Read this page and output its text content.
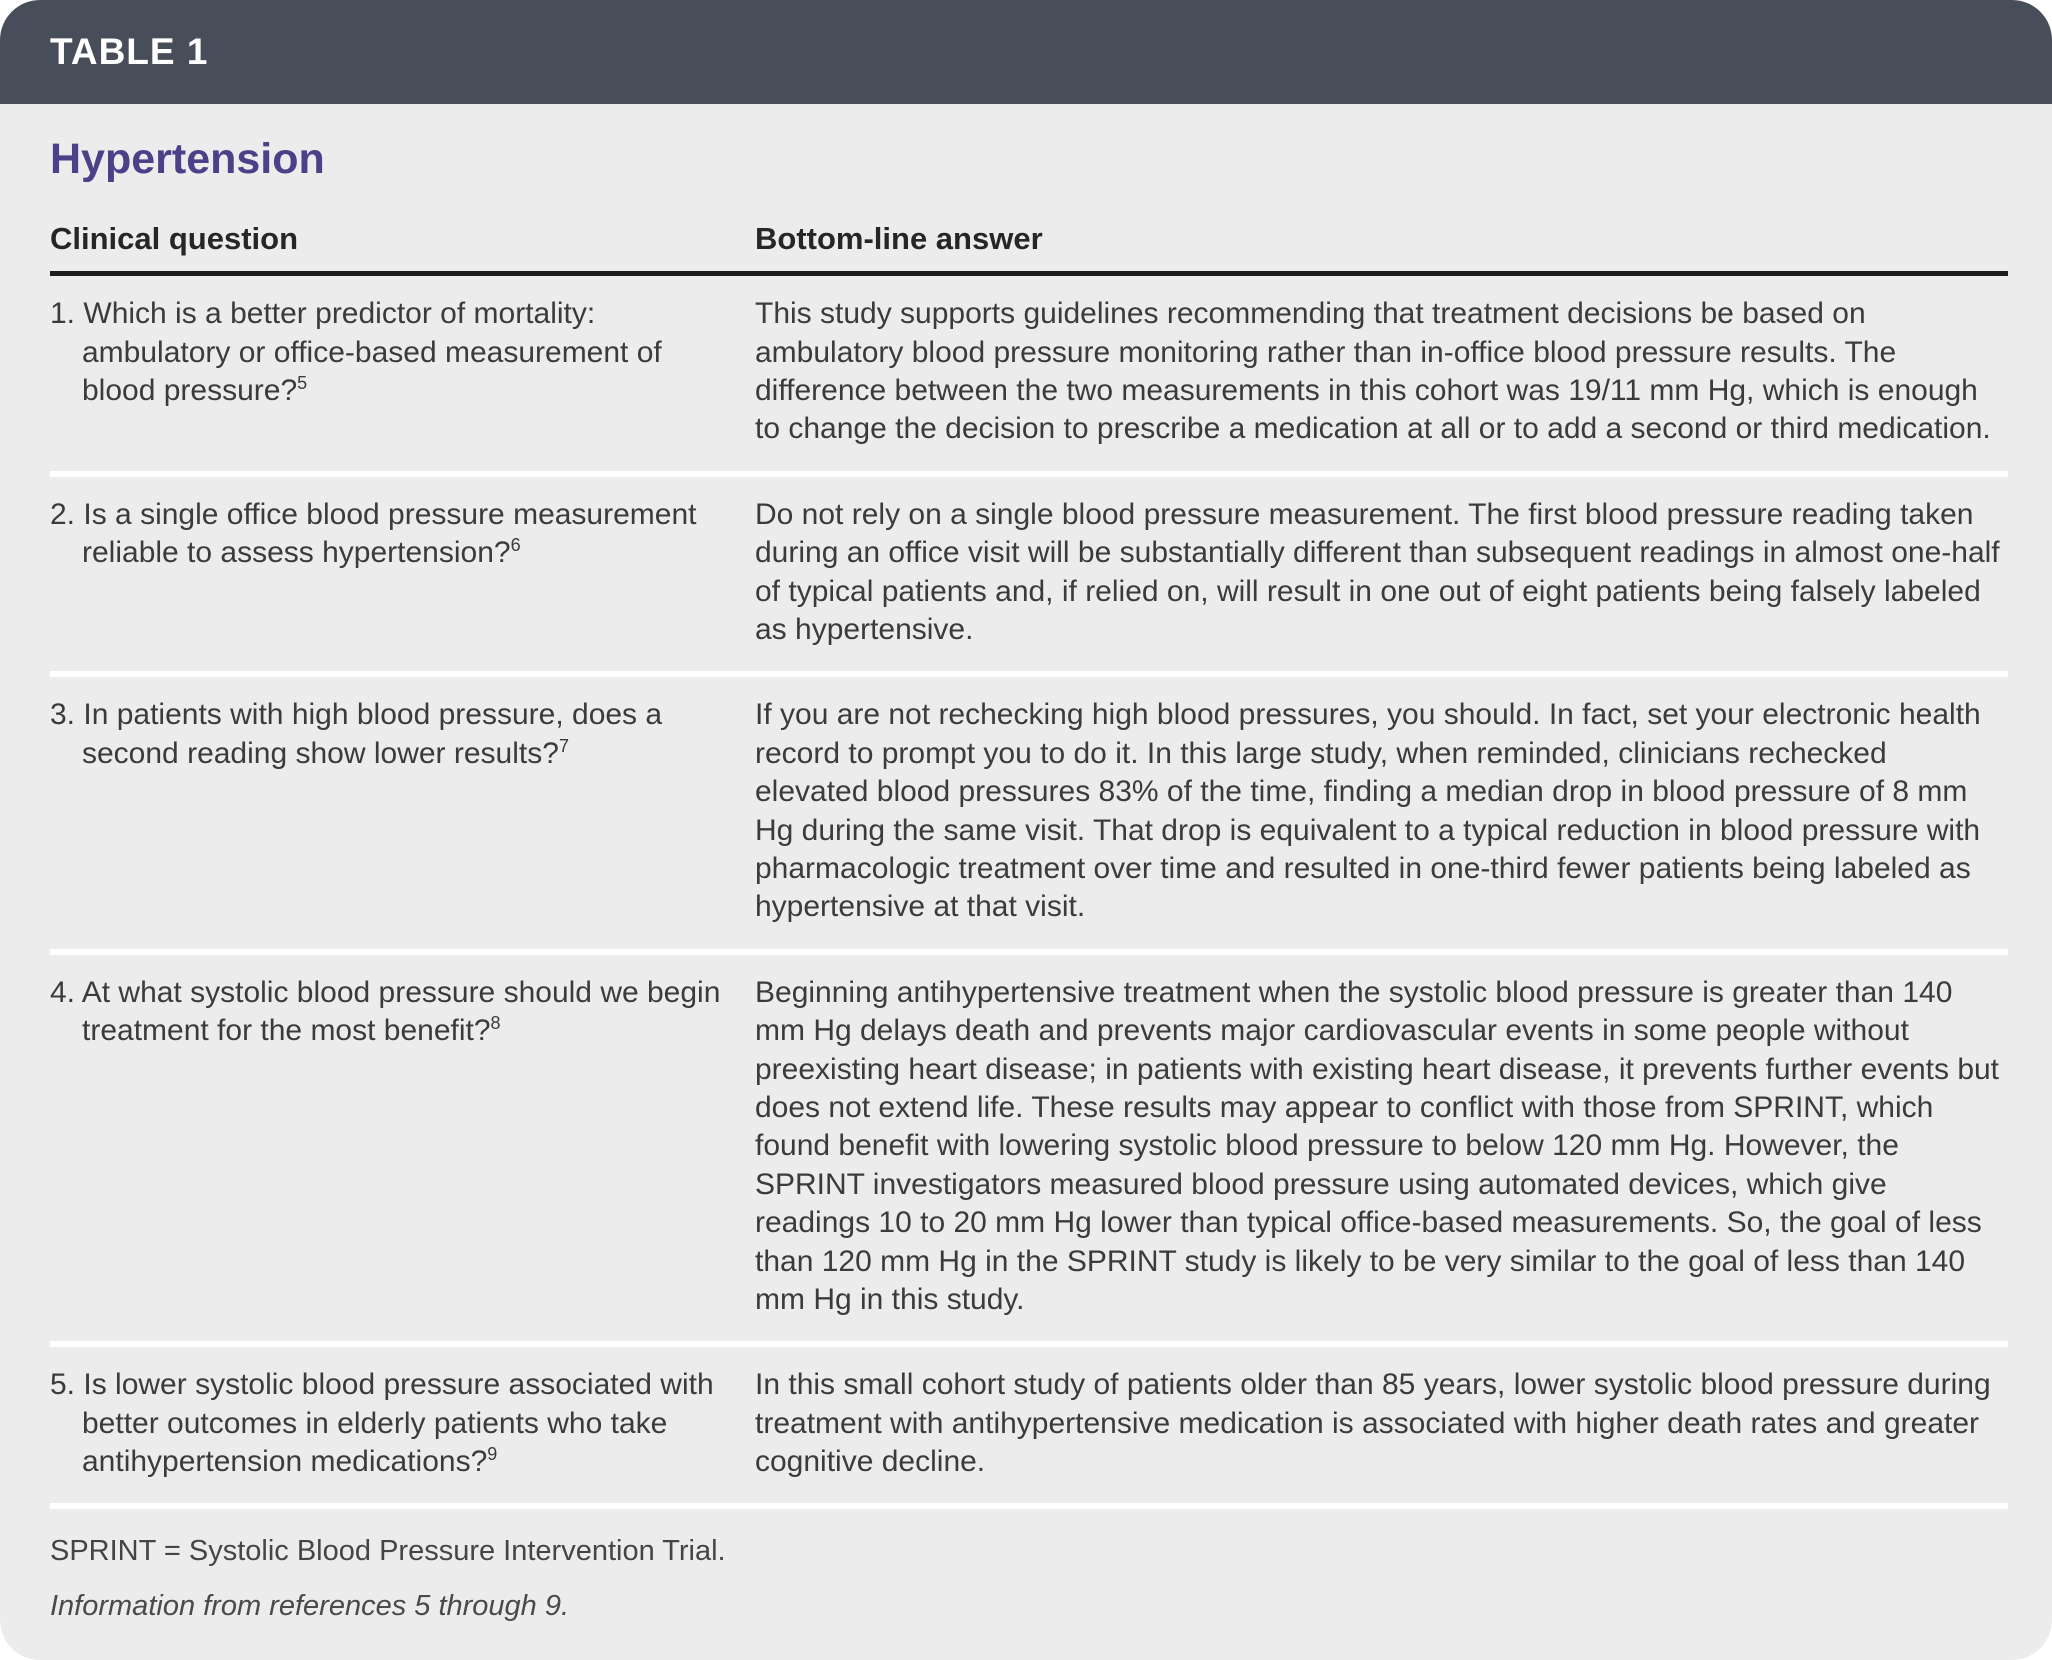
TABLE 1
Hypertension
Clinical question	Bottom-line answer
1. Which is a better predictor of mortality: ambulatory or office-based measurement of blood pressure?$^5$
This study supports guidelines recommending that treatment decisions be based on ambulatory blood pressure monitoring rather than in-office blood pressure results. The difference between the two measurements in this cohort was 19/11 mm Hg, which is enough to change the decision to prescribe a medication at all or to add a second or third medication.
2. Is a single office blood pressure measurement reliable to assess hypertension?$^6$
Do not rely on a single blood pressure measurement. The first blood pressure reading taken during an office visit will be substantially different than subsequent readings in almost one-half of typical patients and, if relied on, will result in one out of eight patients being falsely labeled as hypertensive.
3. In patients with high blood pressure, does a second reading show lower results?$^7$
If you are not rechecking high blood pressures, you should. In fact, set your electronic health record to prompt you to do it. In this large study, when reminded, clinicians rechecked elevated blood pressures 83% of the time, finding a median drop in blood pressure of 8 mm Hg during the same visit. That drop is equivalent to a typical reduction in blood pressure with pharmacologic treatment over time and resulted in one-third fewer patients being labeled as hypertensive at that visit.
4. At what systolic blood pressure should we begin treatment for the most benefit?$^8$
Beginning antihypertensive treatment when the systolic blood pressure is greater than 140 mm Hg delays death and prevents major cardiovascular events in some people without preexisting heart disease; in patients with existing heart disease, it prevents further events but does not extend life. These results may appear to conflict with those from SPRINT, which found benefit with lowering systolic blood pressure to below 120 mm Hg. However, the SPRINT investigators measured blood pressure using automated devices, which give readings 10 to 20 mm Hg lower than typical office-based measurements. So, the goal of less than 120 mm Hg in the SPRINT study is likely to be very similar to the goal of less than 140 mm Hg in this study.
5. Is lower systolic blood pressure associated with better outcomes in elderly patients who take antihypertension medications?$^9$
In this small cohort study of patients older than 85 years, lower systolic blood pressure during treatment with antihypertensive medication is associated with higher death rates and greater cognitive decline.

SPRINT = Systolic Blood Pressure Intervention Trial.

Information from references 5 through 9.
